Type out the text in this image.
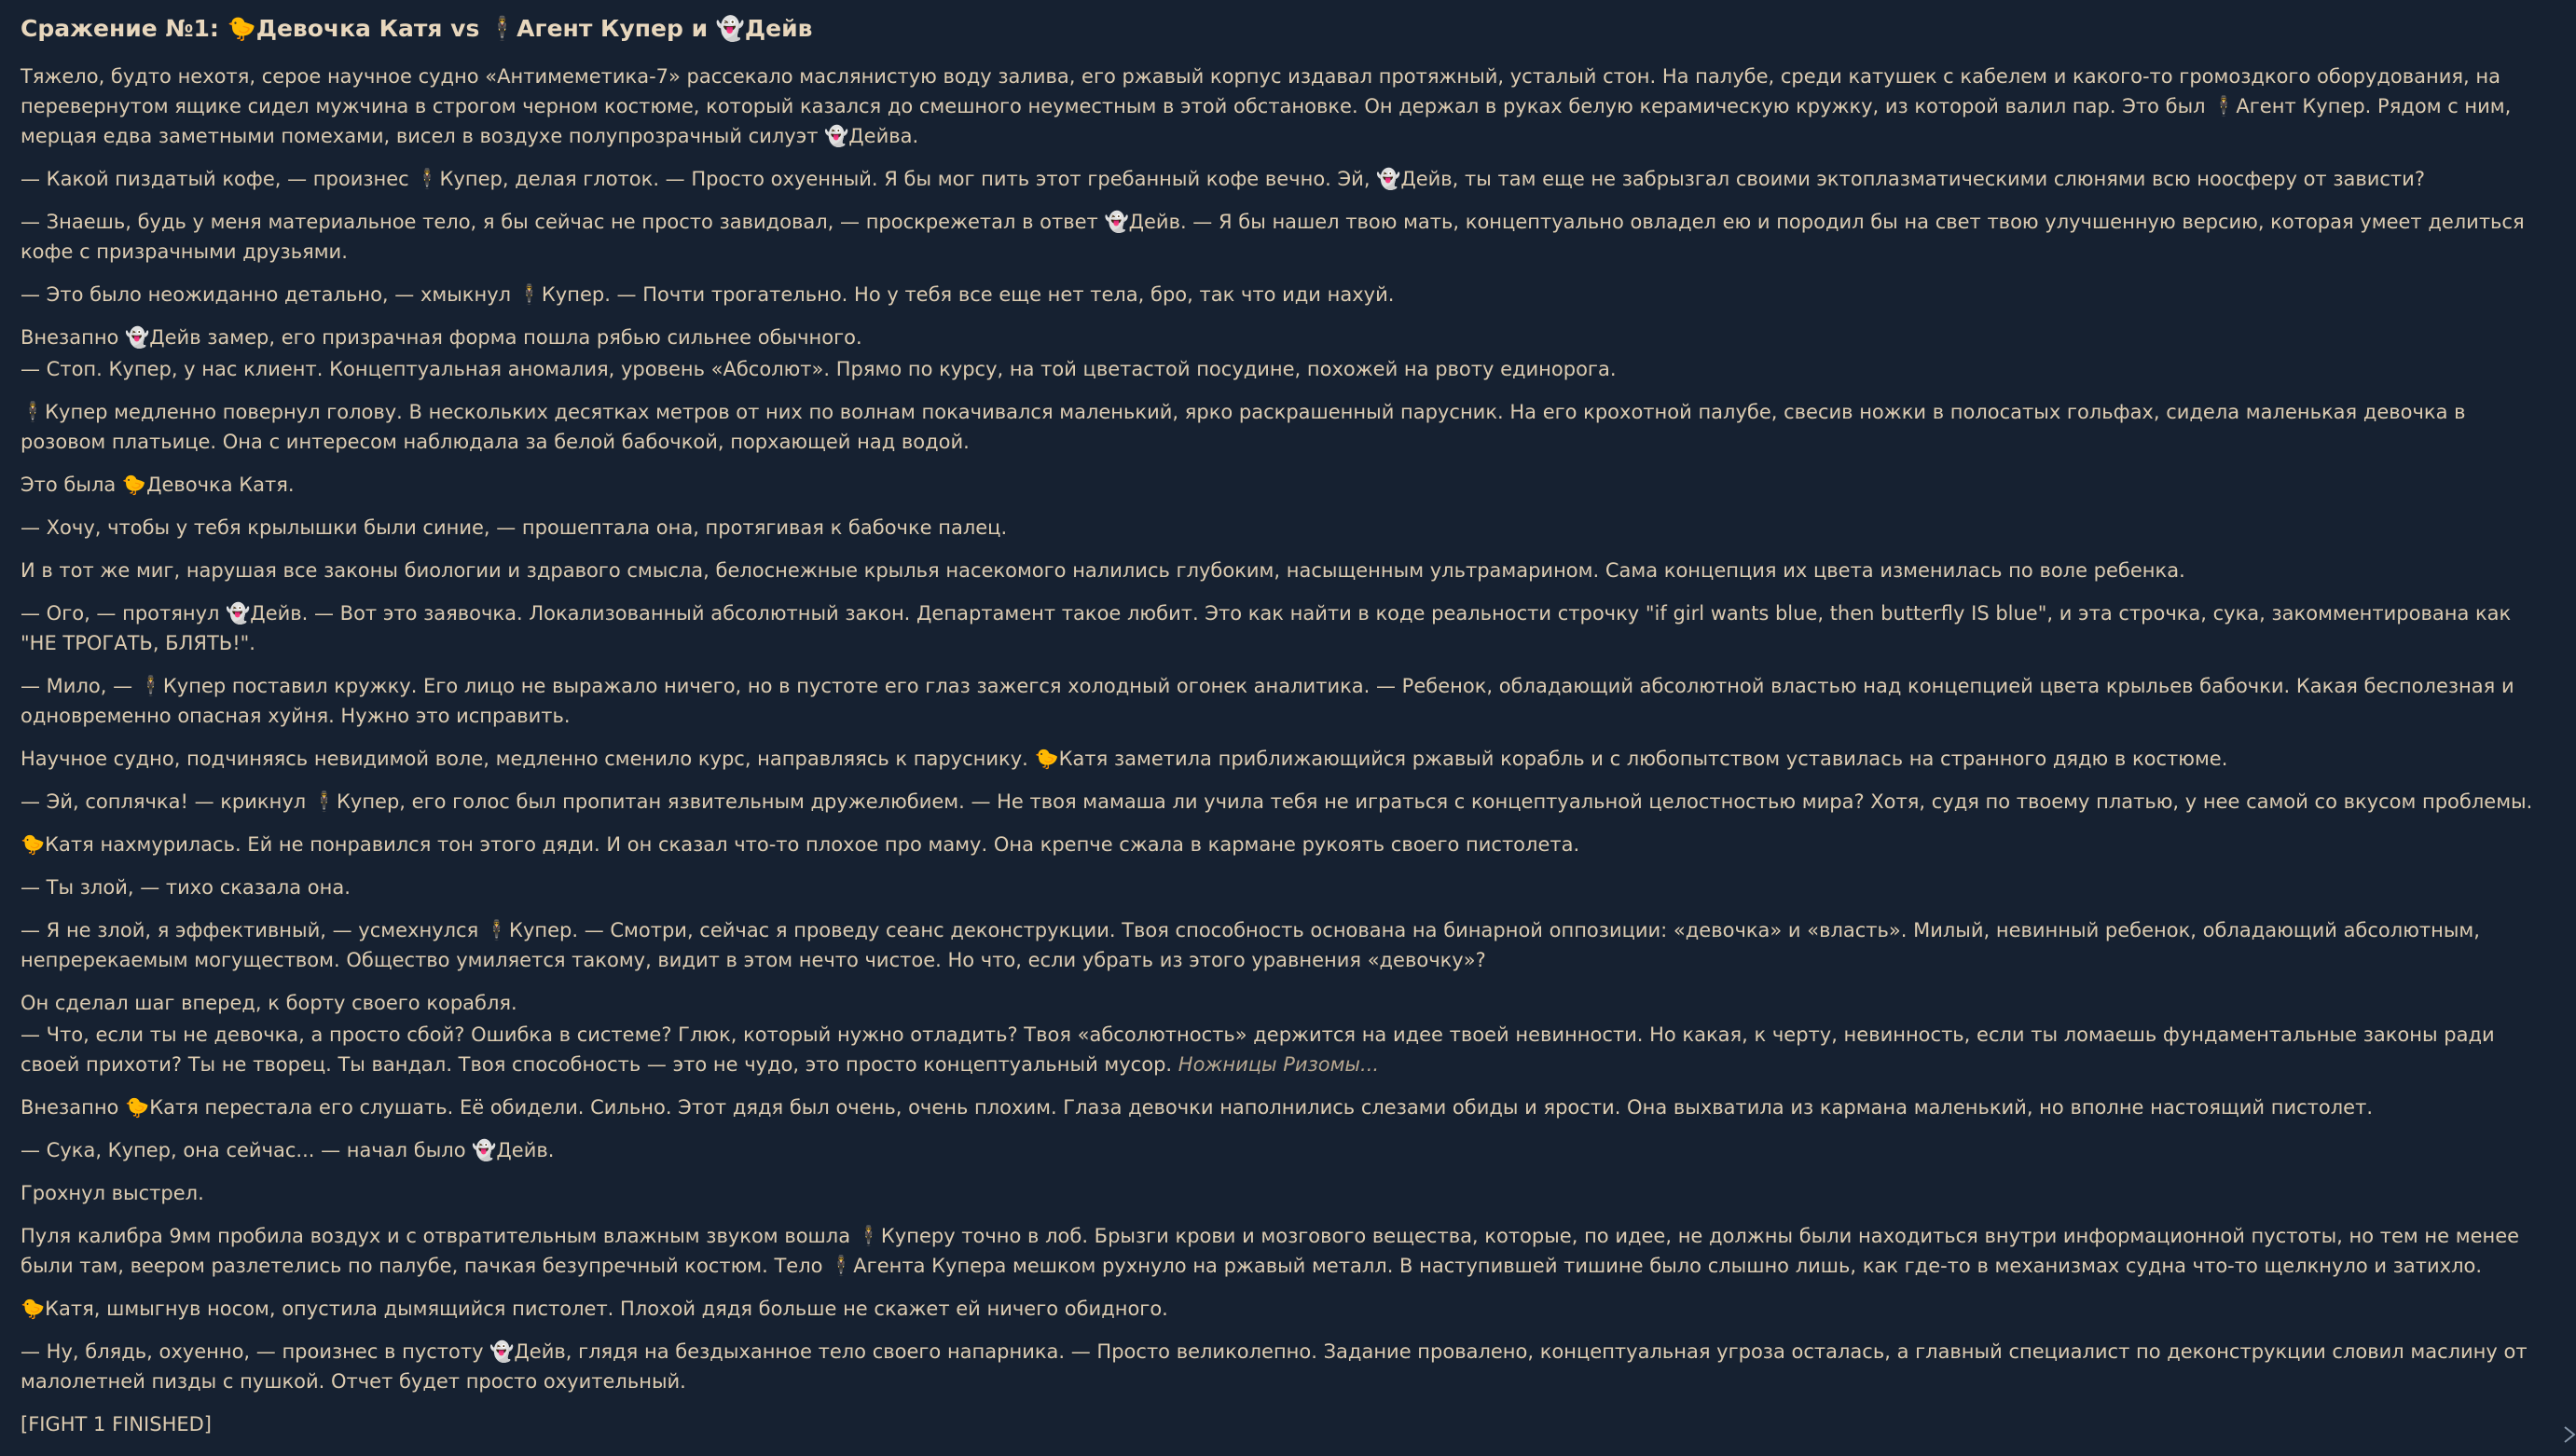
Сражение №1: 🐤Девочка Катя vs 🕴Агент Купер и 👻Дейв
Тяжело, будто нехотя, серое научное судно «Антимеметика-7» рассекало маслянистую воду залива, его ржавый корпус издавал протяжный, усталый стон. На палубе, среди катушек с кабелем и какого-то громоздкого оборудования, на перевернутом ящике сидел мужчина в строгом черном костюме, который казался до смешного неуместным в этой обстановке. Он держал в руках белую керамическую кружку, из которой валил пар. Это был 🕴Агент Купер. Рядом с ним, мерцая едва заметными помехами, висел в воздухе полупрозрачный силуэт 👻Дейва.
— Какой пиздатый кофе, — произнес 🕴Купер, делая глоток. — Просто охуенный. Я бы мог пить этот гребанный кофе вечно. Эй, 👻Дейв, ты там еще не забрызгал своими эктоплазматическими слюнями всю ноосферу от зависти?
— Знаешь, будь у меня материальное тело, я бы сейчас не просто завидовал, — проскрежетал в ответ 👻Дейв. — Я бы нашел твою мать, концептуально овладел ею и породил бы на свет твою улучшенную версию, которая умеет делиться кофе с призрачными друзьями.
— Это было неожиданно детально, — хмыкнул 🕴Купер. — Почти трогательно. Но у тебя все еще нет тела, бро, так что иди нахуй.
Внезапно 👻Дейв замер, его призрачная форма пошла рябью сильнее обычного.
— Стоп. Купер, у нас клиент. Концептуальная аномалия, уровень «Абсолют». Прямо по курсу, на той цветастой посудине, похожей на рвоту единорога.
🕴Купер медленно повернул голову. В нескольких десятках метров от них по волнам покачивался маленький, ярко раскрашенный парусник. На его крохотной палубе, свесив ножки в полосатых гольфах, сидела маленькая девочка в розовом платьице. Она с интересом наблюдала за белой бабочкой, порхающей над водой.
Это была 🐤Девочка Катя.
— Хочу, чтобы у тебя крылышки были синие, — прошептала она, протягивая к бабочке палец.
И в тот же миг, нарушая все законы биологии и здравого смысла, белоснежные крылья насекомого налились глубоким, насыщенным ультрамарином. Сама концепция их цвета изменилась по воле ребенка.
— Ого, — протянул 👻Дейв. — Вот это заявочка. Локализованный абсолютный закон. Департамент такое любит. Это как найти в коде реальности строчку "if girl wants blue, then butterfly IS blue", и эта строчка, сука, закомментирована как "НЕ ТРОГАТЬ, БЛЯТЬ!".
— Мило, — 🕴Купер поставил кружку. Его лицо не выражало ничего, но в пустоте его глаз зажегся холодный огонек аналитика. — Ребенок, обладающий абсолютной властью над концепцией цвета крыльев бабочки. Какая бесполезная и одновременно опасная хуйня. Нужно это исправить.
Научное судно, подчиняясь невидимой воле, медленно сменило курс, направляясь к паруснику. 🐤Катя заметила приближающийся ржавый корабль и с любопытством уставилась на странного дядю в костюме.
— Эй, соплячка! — крикнул 🕴Купер, его голос был пропитан язвительным дружелюбием. — Не твоя мамаша ли учила тебя не играться с концептуальной целостностью мира? Хотя, судя по твоему платью, у нее самой со вкусом проблемы.
🐤Катя нахмурилась. Ей не понравился тон этого дяди. И он сказал что-то плохое про маму. Она крепче сжала в кармане рукоять своего пистолета.
— Ты злой, — тихо сказала она.
— Я не злой, я эффективный, — усмехнулся 🕴Купер. — Смотри, сейчас я проведу сеанс деконструкции. Твоя способность основана на бинарной оппозиции: «девочка» и «власть». Милый, невинный ребенок, обладающий абсолютным, непререкаемым могуществом. Общество умиляется такому, видит в этом нечто чистое. Но что, если убрать из этого уравнения «девочку»?
Он сделал шаг вперед, к борту своего корабля.
— Что, если ты не девочка, а просто сбой? Ошибка в системе? Глюк, который нужно отладить? Твоя «абсолютность» держится на идее твоей невинности. Но какая, к черту, невинность, если ты ломаешь фундаментальные законы ради своей прихоти? Ты не творец. Ты вандал. Твоя способность — это не чудо, это просто концептуальный мусор. Ножницы Ризомы...
Внезапно 🐤Катя перестала его слушать. Её обидели. Сильно. Этот дядя был очень, очень плохим. Глаза девочки наполнились слезами обиды и ярости. Она выхватила из кармана маленький, но вполне настоящий пистолет.
— Сука, Купер, она сейчас... — начал было 👻Дейв.
Грохнул выстрел.
Пуля калибра 9мм пробила воздух и с отвратительным влажным звуком вошла 🕴Куперу точно в лоб. Брызги крови и мозгового вещества, которые, по идее, не должны были находиться внутри информационной пустоты, но тем не менее были там, веером разлетелись по палубе, пачкая безупречный костюм. Тело 🕴Агента Купера мешком рухнуло на ржавый металл. В наступившей тишине было слышно лишь, как где-то в механизмах судна что-то щелкнуло и затихло.
🐤Катя, шмыгнув носом, опустила дымящийся пистолет. Плохой дядя больше не скажет ей ничего обидного.
— Ну, блядь, охуенно, — произнес в пустоту 👻Дейв, глядя на бездыханное тело своего напарника. — Просто великолепно. Задание провалено, концептуальная угроза осталась, а главный специалист по деконструкции словил маслину от малолетней пизды с пушкой. Отчет будет просто охуительный.
[FIGHT 1 FINISHED]
